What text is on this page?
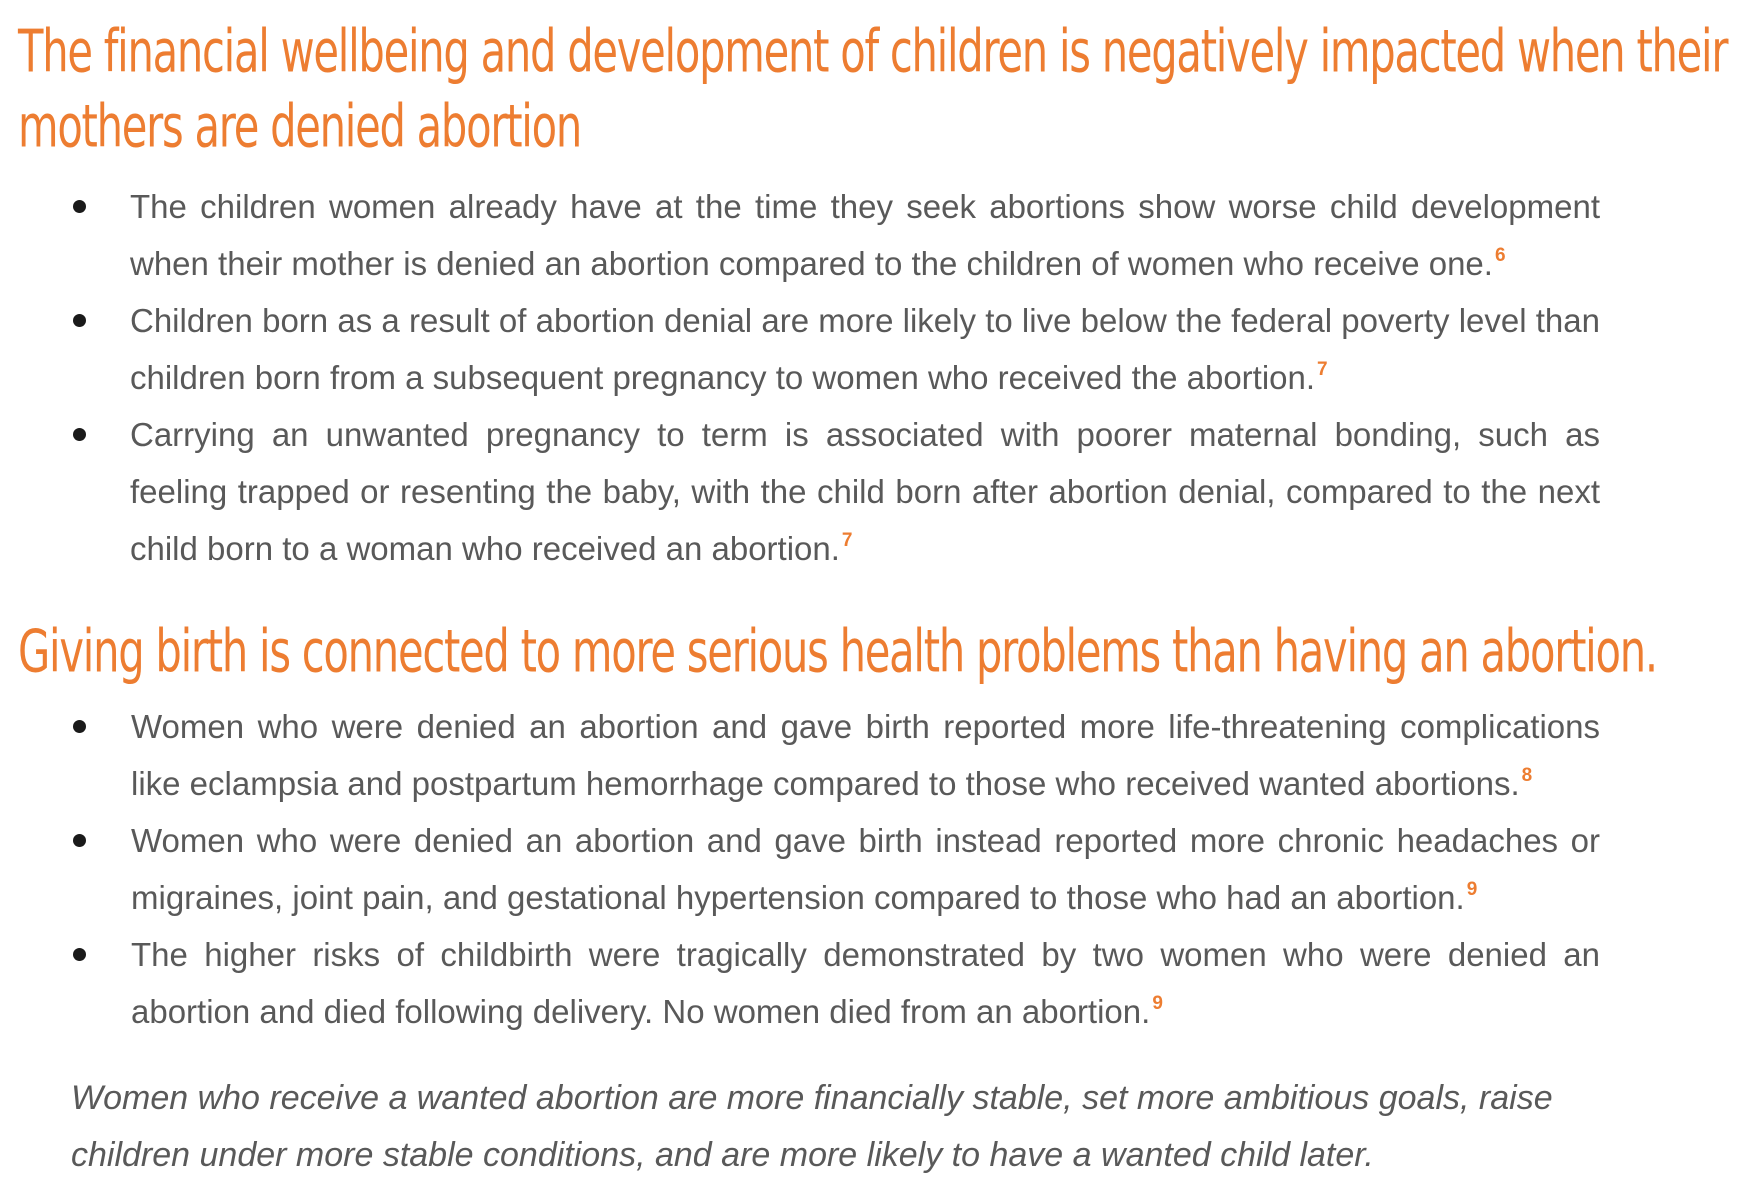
The financial wellbeing and development of children is negatively impacted when their
mothers are denied abortion
The children women already have at the time they seek abortions show worse child development when their mother is denied an abortion compared to the children of women who receive one. $^6$
Children born as a result of abortion denial are more likely to live below the federal poverty level than children born from a subsequent pregnancy to women who received the abortion. $^7$
Carrying an unwanted pregnancy to term is associated with poorer maternal bonding, such as feeling trapped or resenting the baby, with the child born after abortion denial, compared to the next child born to a woman who received an abortion. $^7$
Giving birth is connected to more serious health problems than having an abortion.
Women who were denied an abortion and gave birth reported more life-threatening complications like eclampsia and postpartum hemorrhage compared to those who received wanted abortions. $^8$
Women who were denied an abortion and gave birth instead reported more chronic headaches or migraines, joint pain, and gestational hypertension compared to those who had an abortion. $^9$
The higher risks of childbirth were tragically demonstrated by two women who were denied an abortion and died following delivery. No women died from an abortion. $^9$

Women who receive a wanted abortion are more financially stable, set more ambitious goals, raise children under more stable conditions, and are more likely to have a wanted child later.
